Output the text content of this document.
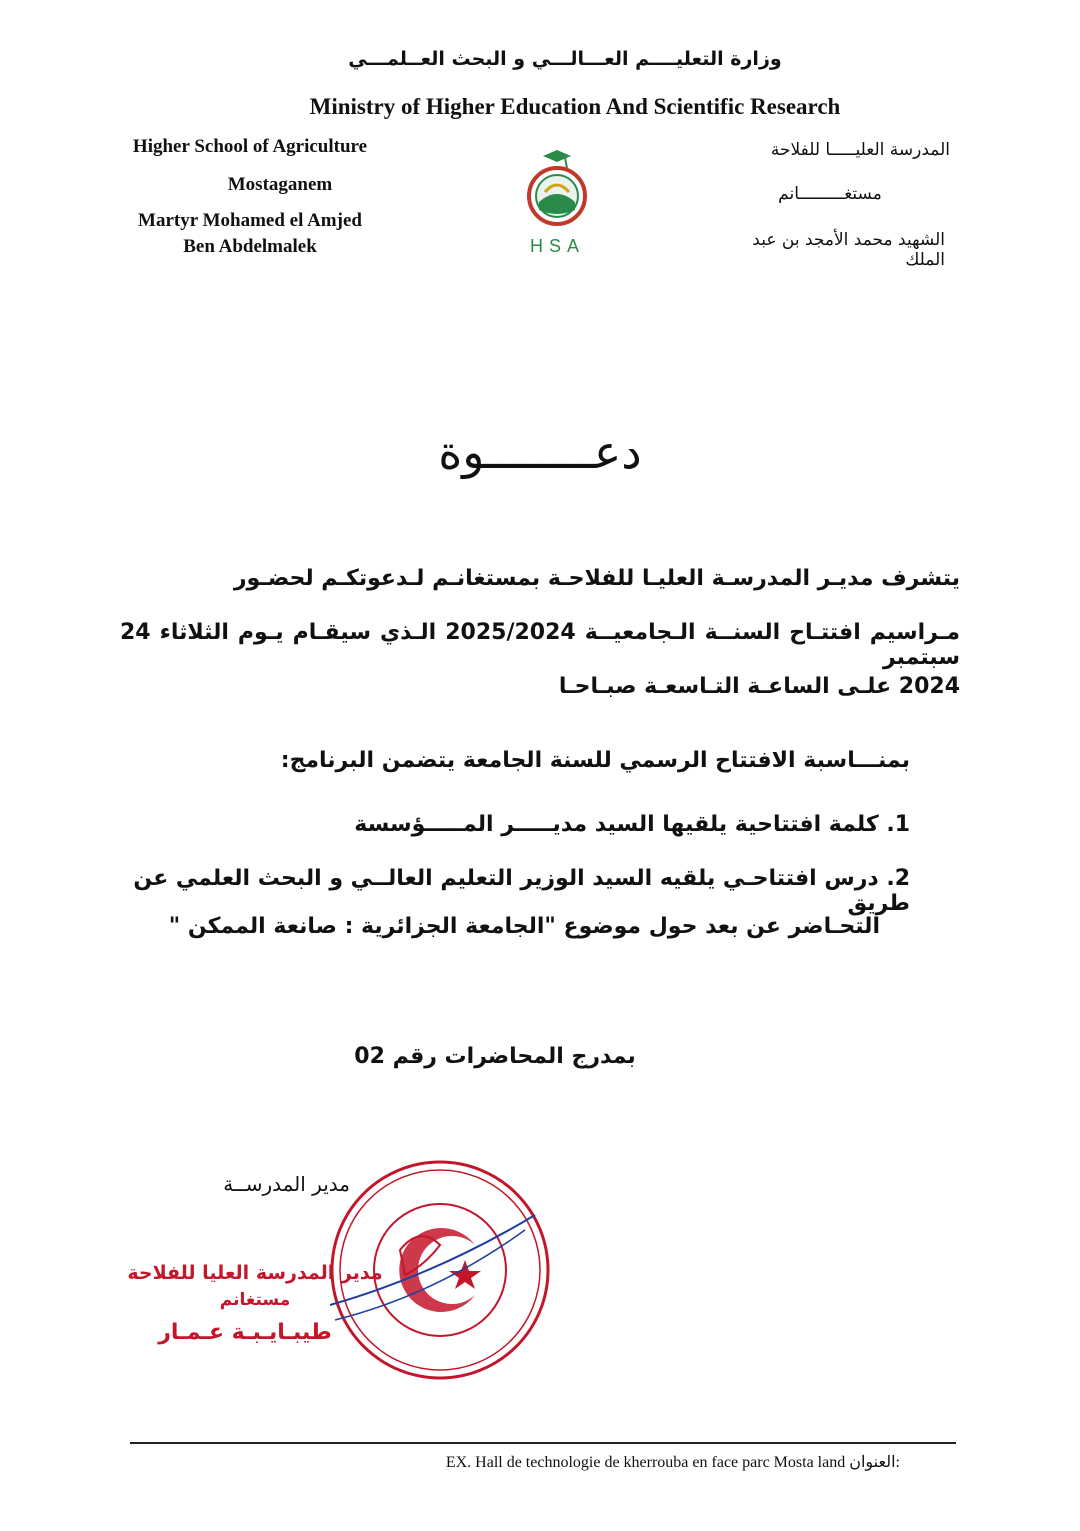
وزارة التعليــــم العـــالـــي و البحث العــلمـــي
Ministry of Higher Education And Scientific Research
Higher School of Agriculture
Mostaganem
Martyr Mohamed el Amjed
Ben Abdelmalek
المدرسة العليـــــا للفلاحة
مستغـــــــــانم
الشهيد محمد الأمجد بن عبد الملك
HSA
دعــــــــوة
يتشرف مديـر المدرسـة العليـا للفلاحـة بمستغانـم لـدعوتكـم لحضـور
مـراسيم افتتـاح السنــة الـجامعيــة 2025/2024 الـذي سيقـام يـوم الثلاثاء 24 سبتمبر
2024 علـى الساعـة التـاسعـة صبـاحـا
بمنـــاسبة الافتتاح الرسمي للسنة الجامعة يتضمن البرنامج:
1. كلمة افتتاحية يلقيها السيد مديـــــر المـــــؤسسة
2. درس افتتاحـي يلقيه السيد الوزير التعليم العالــي و البحث العلمي عن طريق
التحـاضر عن بعد حول موضوع "الجامعة الجزائرية : صانعة الممكن "
بمدرج المحاضرات رقم 02
مدير المدرســة
مدير المدرسة العليا للفلاحة
مستغانم
طيبـايـبـة عـمـار
EX. Hall de technologie de kherrouba en face parc Mosta land العنوان:
